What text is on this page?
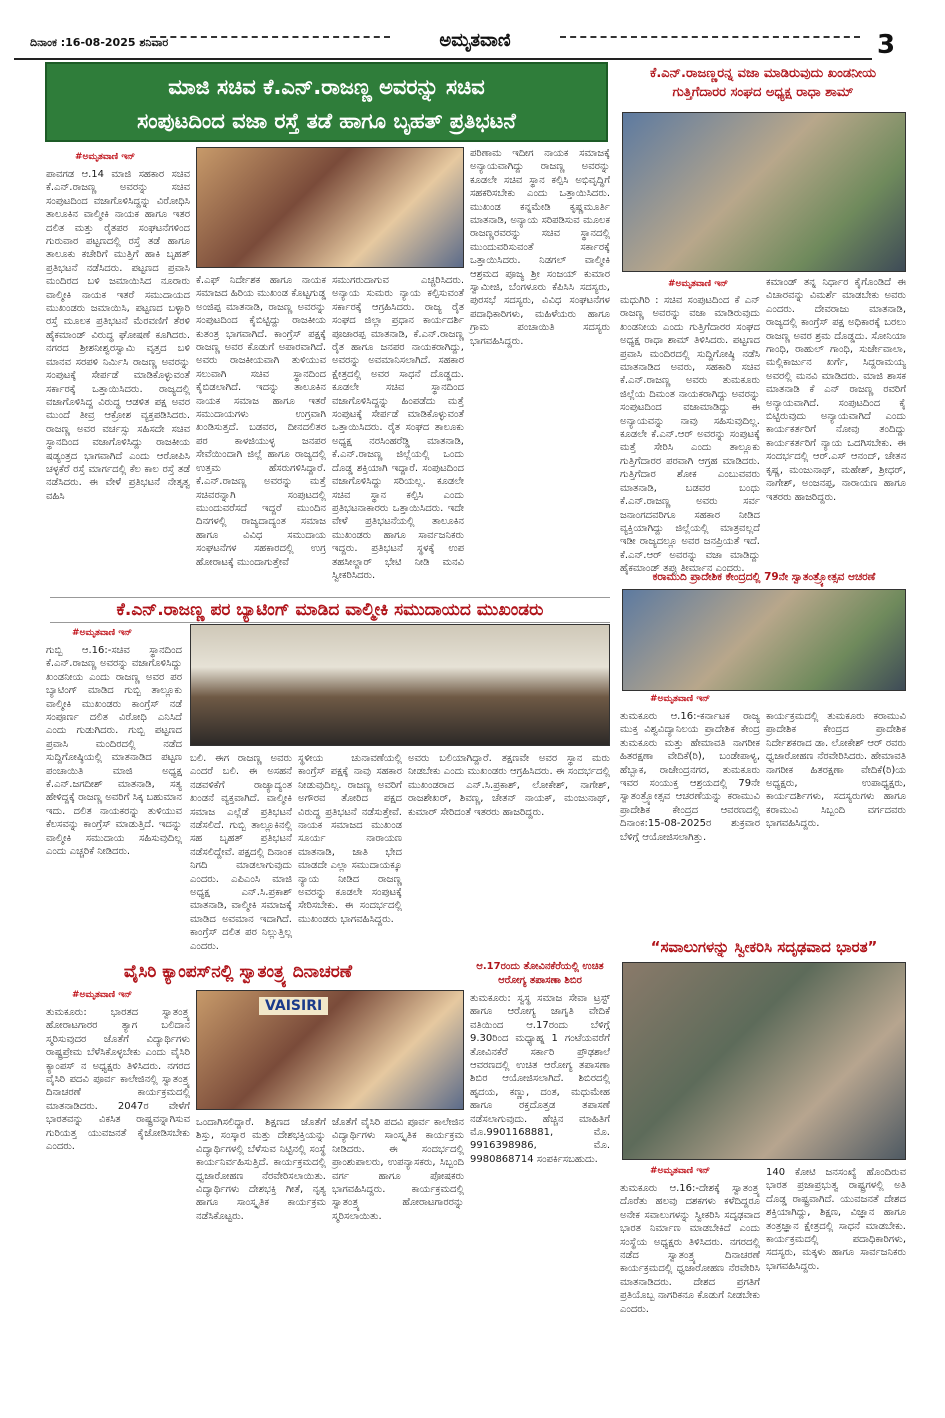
ದಿನಾಂಕ :16-08-2025 ಶನಿವಾರ	ಅಮೃತವಾಣಿ	3
ಮಾಜಿ ಸಚಿವ ಕೆ.ಎನ್.ರಾಜಣ್ಣ ಅವರನ್ನು ಸಚಿವ
ಸಂಪುಟದಿಂದ ವಜಾ ರಸ್ತೆ ತಡೆ ಹಾಗೂ ಬೃಹತ್ ಪ್ರತಿಭಟನೆ
#ಅಮೃತವಾಣಿ ಇನ್
ಪಾವಗಡ ಆ.14 ಮಾಜಿ ಸಹಕಾರ ಸಚಿವ ಕೆ.ಎನ್.ರಾಜಣ್ಣ ಅವರನ್ನು ಸಚಿವ ಸಂಪುಟದಿಂದ ವಜಾಗೊಳಿಸಿದ್ದನ್ನು ವಿರೋಧಿಸಿ ತಾಲೂಕಿನ ವಾಲ್ಮೀಕಿ ನಾಯಕ ಹಾಗೂ ಇತರ ದಲಿತ ಮತ್ತು ರೈತಪರ ಸಂಘಟನೆಗಳಿಂದ ಗುರುವಾರ ಪಟ್ಟಣದಲ್ಲಿ ರಸ್ತೆ ತಡೆ ಹಾಗೂ ತಾಲೂಕು ಕಚೇರಿಗೆ ಮುತ್ತಿಗೆ ಹಾಕಿ ಬೃಹತ್ ಪ್ರತಿಭಟನೆ ನಡೆಸಿದರು. ಪಟ್ಟಣದ ಪ್ರವಾಸಿ ಮಂದಿರದ ಬಳಿ ಜಮಾಯಿಸಿದ ನೂರಾರು ವಾಲ್ಮೀಕಿ ನಾಯಕ ಇತರೆ ಸಮುದಾಯದ ಮುಖಂಡರು ಜಮಾಯಿಸಿ, ಪಟ್ಟಣದ ಬಳ್ಳಾರಿ ರಸ್ತೆ ಮೂಲಕ ಪ್ರತಿಭಟನೆ ಮೆರವಣಿಗೆ ತೆರಳಿ ಹೈಕಮಾಂಡ್ ವಿರುದ್ಧ ಘೋಷಣೆ ಕೂಗಿದರು. ನಗರದ ಶ್ರೀಶನೀಶ್ವರಸ್ವಾಮಿ ವೃತ್ತದ ಬಳಿ ಮಾನವ ಸರಪಳಿ ನಿರ್ಮಿಸಿ ರಾಜಣ್ಣ ಅವರನ್ನು ಸಂಪುಟಕ್ಕೆ ಸೇರ್ಪಡೆ ಮಾಡಿಕೊಳ್ಳುವಂತೆ ಸರ್ಕಾರಕ್ಕೆ ಒತ್ತಾಯಿಸಿದರು. ರಾಜ್ಯದಲ್ಲಿ ವಜಾಗೊಳಿಸಿದ್ದ ವಿರುದ್ಧ ಆಡಳಿತ ಪಕ್ಷ ಅವರ ಮುಂದೆ ತೀವ್ರ ಆಕ್ರೋಶ ವ್ಯಕ್ತಪಡಿಸಿದರು. ರಾಜಣ್ಣ ಅವರ ವರ್ಚಸ್ಸು ಸಹಿಸದೇ ಸಚಿವ ಸ್ಥಾನದಿಂದ ವಜಾಗೊಳಿಸಿದ್ದು ರಾಜಕೀಯ ಷಡ್ಯಂತ್ರದ ಭಾಗವಾಗಿದೆ ಎಂದು ಆರೋಪಿಸಿ ಚಳ್ಳಕೆರೆ ರಸ್ತೆ ಮಾರ್ಗದಲ್ಲಿ ಕೆಲ ಕಾಲ ರಸ್ತೆ ತಡೆ ನಡೆಸಿದರು. ಈ ವೇಳೆ ಪ್ರತಿಭಟನೆ ನೇತೃತ್ವ ವಹಿಸಿ
ಕೆ.ಎಫ್ ನಿರ್ದೇಶಕ ಹಾಗೂ ನಾಯಕ ಸಮಾಜದ ಹಿರಿಯ ಮುಖಂಡ ಕೊಟ್ಟಗುಡ್ಡ ಅಂಜಿಪ್ಪ ಮಾತನಾಡಿ, ರಾಜಣ್ಣ ಅವರನ್ನು ಸಂಪುಟದಿಂದ ಕೈಬಿಟ್ಟಿದ್ದು ರಾಜಕೀಯ ಕುತಂತ್ರ ಭಾಗವಾಗಿದೆ. ಕಾಂಗ್ರೆಸ್ ಪಕ್ಷಕ್ಕೆ ರಾಜಣ್ಣ ಅವರ ಕೊಡುಗೆ ಅಪಾರವಾಗಿದೆ. ಅವರು ರಾಜಕೀಯವಾಗಿ ತುಳಿಯುವ ಸಲುವಾಗಿ ಸಚಿವ ಸ್ಥಾನದಿಂದ ಕೈಬಿಡಲಾಗಿದೆ. ಇದನ್ನು ತಾಲೂಕಿನ ನಾಯಕ ಸಮಾಜ ಹಾಗೂ ಇತರೆ ಸಮುದಾಯಗಳು ಉಗ್ರವಾಗಿ ಖಂಡಿಸುತ್ತದೆ. ಬಡವರ, ದೀನದಲಿತರ ಪರ ಕಾಳಜಿಯುಳ್ಳ ಜನಪರ ಸೇವೆಯಿಂದಾಗಿ ಜಿಲ್ಲೆ ಹಾಗೂ ರಾಜ್ಯದಲ್ಲಿ ಉತ್ತಮ ಹೆಸರುಗಳಿಸಿದ್ದಾರೆ. ಕೆ.ಎನ್.ರಾಜಣ್ಣ ಅವರನ್ನು ಮತ್ತೆ ಸಚಿವರನ್ನಾಗಿ ಸಂಪುಟದಲ್ಲಿ ಮುಂದುವರೆಸದೆ ಇದ್ದರೆ ಮುಂದಿನ ದಿನಗಳಲ್ಲಿ ರಾಜ್ಯದಾದ್ಯಂತ ಸಮಾಜ ಹಾಗೂ ವಿವಿಧ ಸಮುದಾಯ ಸಂಘಟನೆಗಳ ಸಹಕಾರದಲ್ಲಿ ಉಗ್ರ ಹೋರಾಟಕ್ಕೆ ಮುಂದಾಗುತ್ತೇವೆ
ಸಮುಗರುದಾಗುವ ಎಚ್ಚರಿಸಿದರು. ಅನ್ಯಾಯ ಸುಮರು ನ್ಯಾಯ ಕಲ್ಪಿಸುವಂತೆ ಸರ್ಕಾರಕ್ಕೆ ಆಗ್ರಹಿಸಿದರು. ರಾಜ್ಯ ರೈತ ಸಂಘದ ಜಿಲ್ಲಾ ಪ್ರಧಾನ ಕಾರ್ಯದರ್ಶಿ ಪೂಜಾರಪ್ಪ ಮಾತನಾಡಿ, ಕೆ.ಎನ್.ರಾಜಣ್ಣ ರೈತ ಹಾಗೂ ಜನಪರ ನಾಯಕರಾಗಿದ್ದು, ಅವರನ್ನು ಅವಮಾನಿಸಲಾಗಿದೆ. ಸಹಕಾರ ಕ್ಷೇತ್ರದಲ್ಲಿ ಅವರ ಸಾಧನೆ ದೊಡ್ಡದು. ಕೂಡಲೇ ಸಚಿವ ಸ್ಥಾನದಿಂದ ವಜಾಗೊಳಿಸಿದ್ದನ್ನು ಹಿಂಪಡೆದು ಮತ್ತೆ ಸಂಪುಟಕ್ಕೆ ಸೇರ್ಪಡೆ ಮಾಡಿಕೊಳ್ಳುವಂತೆ ಒತ್ತಾಯಿಸಿದರು. ರೈತ ಸಂಘದ ತಾಲೂಕು ಅಧ್ಯಕ್ಷ ನರಸಿಂಹರೆಡ್ಡಿ ಮಾತನಾಡಿ, ಕೆ.ಎನ್.ರಾಜಣ್ಣ ಜಿಲ್ಲೆಯಲ್ಲಿ ಒಂದು ದೊಡ್ಡ ಶಕ್ತಿಯಾಗಿ ಇದ್ದಾರೆ. ಸಂಪುಟದಿಂದ ವಜಾಗೊಳಿಸಿದ್ದು ಸರಿಯಲ್ಲ. ಕೂಡಲೇ ಸಚಿವ ಸ್ಥಾನ ಕಲ್ಪಿಸಿ ಎಂದು ಪ್ರತಿಭಟನಾಕಾರರು ಒತ್ತಾಯಿಸಿದರು. ಇದೇ ವೇಳೆ ಪ್ರತಿಭಟನೆಯಲ್ಲಿ ತಾಲೂಕಿನ ಮುಖಂಡರು ಹಾಗೂ ಸಾರ್ವಜನಿಕರು ಇದ್ದರು. ಪ್ರತಿಭಟನೆ ಸ್ಥಳಕ್ಕೆ ಉಪ ತಹಸೀಲ್ದಾರ್ ಭೇಟಿ ನೀಡಿ ಮನವಿ ಸ್ವೀಕರಿಸಿದರು.
ಪರಿಣಾಮ ಇದೀಗ ನಾಯಕ ಸಮಾಜಕ್ಕೆ ಅನ್ಯಾಯವಾಗಿದ್ದು ರಾಜಣ್ಣ ಅವರನ್ನು ಕೂಡಲೇ ಸಚಿವ ಸ್ಥಾನ ಕಲ್ಪಿಸಿ ಅಭಿವೃದ್ಧಿಗೆ ಸಹಕರಿಸಬೇಕು ಎಂದು ಒತ್ತಾಯಿಸಿದರು. ಮುಖಂಡ ಕನ್ನಮೇಡಿ ಕೃಷ್ಣಮೂರ್ತಿ ಮಾತನಾಡಿ, ಅನ್ಯಾಯ ಸರಿಪಡಿಸುವ ಮೂಲಕ ರಾಜಣ್ಣರವರನ್ನು ಸಚಿವ ಸ್ಥಾನದಲ್ಲಿ ಮುಂದುವರಿಸುವಂತೆ ಸರ್ಕಾರಕ್ಕೆ ಒತ್ತಾಯಿಸಿದರು. ನಿಡಗಲ್ ವಾಲ್ಮೀಕಿ ಆಶ್ರಮದ ಪೂಜ್ಯ ಶ್ರೀ ಸಂಜಯ್ ಕುಮಾರ ಸ್ವಾಮೀಜಿ, ಬೆಂಗಳೂರು ಕೆಪಿಸಿಸಿ ಸದಸ್ಯರು, ಪುರಸಭೆ ಸದಸ್ಯರು, ವಿವಿಧ ಸಂಘಟನೆಗಳ ಪದಾಧಿಕಾರಿಗಳು, ಮಹಿಳೆಯರು ಹಾಗೂ ಗ್ರಾಮ ಪಂಚಾಯಿತಿ ಸದಸ್ಯರು ಭಾಗವಹಿಸಿದ್ದರು.
ಕೆ.ಎನ್.ರಾಜಣ್ಣರನ್ನ ವಜಾ ಮಾಡಿರುವುದು ಖಂಡನೀಯ
ಗುತ್ತಿಗೆದಾರರ ಸಂಘದ ಅಧ್ಯಕ್ಷ ರಾಧಾ ಶಾಮ್
#ಅಮೃತವಾಣಿ ಇನ್
ಮಧುಗಿರಿ : ಸಚಿವ ಸಂಪುಟದಿಂದ ಕೆ ಎನ್ ರಾಜಣ್ಣ ಅವರನ್ನು ವಜಾ ಮಾಡಿರುವುದು ಖಂಡನೀಯ ಎಂದು ಗುತ್ತಿಗೆದಾರರ ಸಂಘದ ಅಧ್ಯಕ್ಷ ರಾಧಾ ಶಾಮ್ ತಿಳಿಸಿದರು. ಪಟ್ಟಣದ ಪ್ರವಾಸಿ ಮಂದಿರದಲ್ಲಿ ಸುದ್ದಿಗೋಷ್ಠಿ ನಡೆಸಿ ಮಾತನಾಡಿದ ಅವರು, ಸಹಕಾರಿ ಸಚಿವ ಕೆ.ಎನ್.ರಾಜಣ್ಣ ಅವರು ತುಮಕೂರು ಜಿಲ್ಲೆಯ ದಿಮಂತ ನಾಯಕರಾಗಿದ್ದು ಅವರನ್ನು ಸಂಪುಟದಿಂದ ವಜಾಮಾಡಿದ್ದು ಈ ಅನ್ಯಾಯವನ್ನು ನಾವು ಸಹಿಸುವುದಿಲ್ಲ. ಕೂಡಲೇ ಕೆ.ಎನ್.ಆರ್ ಅವರನ್ನು ಸಂಪುಟಕ್ಕೆ ಮತ್ತೆ ಸೇರಿಸಿ ಎಂದು ತಾಲ್ಲೂಕು ಗುತ್ತಿಗೆದಾರರ ಪರವಾಗಿ ಆಗ್ರಹ ಮಾಡಿದರು. ಗುತ್ತಿಗೆದಾರ ಶೋಕ ಎಂಬುವವರು ಮಾತನಾಡಿ, ಬಡವರ ಬಂಧು ಕೆ.ಎನ್.ರಾಜಣ್ಣ ಅವರು ಸರ್ವ ಜನಾಂಗದವರಿಗೂ ಸಹಕಾರ ನೀಡಿದ ವ್ಯಕ್ತಿಯಾಗಿದ್ದು ಜಿಲ್ಲೆಯಲ್ಲಿ ಮಾತ್ರವಲ್ಲದೆ ಇಡೀ ರಾಜ್ಯದಲ್ಲೂ ಅವರ ಜನಪ್ರಿಯತೆ ಇದೆ. ಕೆ.ಎನ್.ಆರ್ ಅವರನ್ನು ವಜಾ ಮಾಡಿದ್ದು ಹೈಕಮಾಂಡ್ ತಪ್ಪು ತೀರ್ಮಾನ ಎಂದರು.
ಕಮಾಂಡ್ ತನ್ನ ನಿರ್ಧಾರ ಕೈಗೊಂಡಿದೆ ಈ ವಿಚಾರವನ್ನು ವಿಮರ್ಶೆ ಮಾಡಬೇಕು ಅವರು ಎಂದರು. ದೇವರಾಜು ಮಾತನಾಡಿ, ರಾಜ್ಯದಲ್ಲಿ ಕಾಂಗ್ರೆಸ್ ಪಕ್ಷ ಅಧಿಕಾರಕ್ಕೆ ಬರಲು ರಾಜಣ್ಣ ಅವರ ಶ್ರಮ ದೊಡ್ಡದು. ಸೋನಿಯಾ ಗಾಂಧಿ, ರಾಹುಲ್ ಗಾಂಧಿ, ಸುರ್ಜೇವಾಲಾ, ಮಲ್ಲಿಕಾರ್ಜುನ ಖರ್ಗೆ, ಸಿದ್ದರಾಮಯ್ಯ ಅವರಲ್ಲಿ ಮನವಿ ಮಾಡಿದರು. ಮಾಜಿ ಶಾಸಕ ಮಾತನಾಡಿ ಕೆ ಎನ್ ರಾಜಣ್ಣ ರವರಿಗೆ ಅನ್ಯಾಯವಾಗಿದೆ. ಸಂಪುಟದಿಂದ ಕೈ ಬಿಟ್ಟಿರುವುದು ಅನ್ಯಾಯವಾಗಿದೆ ಎಂದು ಕಾರ್ಯಕರ್ತರಿಗೆ ನೋವು ತಂದಿದ್ದು ಕಾರ್ಯಕರ್ತರಿಗೆ ನ್ಯಾಯ ಒದಗಿಸಬೇಕು. ಈ ಸಂದರ್ಭದಲ್ಲಿ ಆರ್.ಎಸ್ ಆನಂದ್, ಚೇತನ ಕೃಷ್ಣ, ಮಂಜುನಾಥ್, ಮಹೇಶ್, ಶ್ರೀಧರ್, ನಾಗೇಶ್, ಅಂಜನಪ್ಪ, ನಾರಾಯಣ ಹಾಗೂ ಇತರರು ಹಾಜರಿದ್ದರು.
ಕೆ.ಎನ್.ರಾಜಣ್ಣ ಪರ ಬ್ಯಾಟಿಂಗ್ ಮಾಡಿದ ವಾಲ್ಮೀಕಿ ಸಮುದಾಯದ ಮುಖಂಡರು
#ಅಮೃತವಾಣಿ ಇನ್
ಗುಬ್ಬಿ ಆ.16:-ಸಚಿವ ಸ್ಥಾನದಿಂದ ಕೆ.ಎನ್.ರಾಜಣ್ಣ ಅವರನ್ನು ವಜಾಗೊಳಿಸಿದ್ದು ಖಂಡನೀಯ ಎಂದು ರಾಜಣ್ಣ ಅವರ ಪರ ಬ್ಯಾಟಿಂಗ್ ಮಾಡಿದ ಗುಬ್ಬಿ ತಾಲ್ಲೂಕು ವಾಲ್ಮೀಕಿ ಮುಖಂಡರು ಕಾಂಗ್ರೆಸ್ ನಡೆ ಸಂಪೂರ್ಣ ದಲಿತ ವಿರೋಧಿ ಎನಿಸಿದೆ ಎಂದು ಗುಡುಗಿದರು. ಗುಬ್ಬಿ ಪಟ್ಟಣದ ಪ್ರವಾಸಿ ಮಂದಿರದಲ್ಲಿ ನಡೆದ ಸುದ್ದಿಗೋಷ್ಠಿಯಲ್ಲಿ ಮಾತನಾಡಿದ ಪಟ್ಟಣ ಪಂಚಾಯಿತಿ ಮಾಜಿ ಅಧ್ಯಕ್ಷ ಕೆ.ಎನ್.ಜಗದೀಶ್ ಮಾತನಾಡಿ, ಸತ್ಯ ಹೇಳಿದ್ದಕ್ಕೆ ರಾಜಣ್ಣ ಅವರಿಗೆ ಸಿಕ್ಕ ಬಹುಮಾನ ಇದು. ದಲಿತ ನಾಯಕರನ್ನು ತುಳಿಯುವ ಕೆಲಸವನ್ನು ಕಾಂಗ್ರೆಸ್ ಮಾಡುತ್ತಿದೆ. ಇದನ್ನು ವಾಲ್ಮೀಕಿ ಸಮುದಾಯ ಸಹಿಸುವುದಿಲ್ಲ ಎಂದು ಎಚ್ಚರಿಕೆ ನೀಡಿದರು.
ಬಲಿ. ಈಗ ರಾಜಣ್ಣ ಅವರು ಎಂದರೆ ಬಲಿ. ಈ ಅಸಹನೆ ನಡವಳಿಕೆಗೆ ರಾಜ್ಯಾದ್ಯಂತ ಖಂಡನೆ ವ್ಯಕ್ತವಾಗಿದೆ. ವಾಲ್ಮೀಕಿ ಸಮಾಜ ಎಲ್ಲೆಡೆ ಪ್ರತಿಭಟನೆ ನಡೆಸಲಿದೆ. ಗುಬ್ಬಿ ತಾಲ್ಲೂಕಿನಲ್ಲಿ ಸಹ ಬೃಹತ್ ಪ್ರತಿಭಟನೆ ನಡೆಸಲಿದ್ದೇವೆ. ಪಕ್ಷದಲ್ಲಿ ದಿನಾಂಕ ನಿಗದಿ ಮಾಡಲಾಗುವುದು ಎಂದರು. ಎಪಿಎಂಸಿ ಮಾಜಿ ಅಧ್ಯಕ್ಷ ಎನ್.ಸಿ.ಪ್ರಕಾಶ್ ಮಾತನಾಡಿ, ವಾಲ್ಮೀಕಿ ಸಮಾಜಕ್ಕೆ ಮಾಡಿದ ಅವಮಾನ ಇದಾಗಿದೆ. ಕಾಂಗ್ರೆಸ್ ದಲಿತ ಪರ ನಿಲ್ಲುತ್ತಿಲ್ಲ ಎಂದರು.
ಸ್ಥಳೀಯ ಚುನಾವಣೆಯಲ್ಲಿ ಕಾಂಗ್ರೆಸ್ ಪಕ್ಷಕ್ಕೆ ನಾವು ಸಹಕಾರ ನೀಡುವುದಿಲ್ಲ. ರಾಜಣ್ಣ ಅವರಿಗೆ ಅಗೌರವ ತೋರಿದ ಪಕ್ಷದ ವಿರುದ್ಧ ಪ್ರತಿಭಟನೆ ನಡೆಸುತ್ತೇವೆ. ನಾಯಕ ಸಮಾಜದ ಮುಖಂಡ ಸೂರ್ಯ ನಾರಾಯಣ ಮಾತನಾಡಿ, ಜಾತಿ ಭೇದ ಮಾಡದೇ ಎಲ್ಲಾ ಸಮುದಾಯಕ್ಕೂ ನ್ಯಾಯ ನೀಡಿದ ರಾಜಣ್ಣ ಅವರನ್ನು ಕೂಡಲೇ ಸಂಪುಟಕ್ಕೆ ಸೇರಿಸಬೇಕು. ಈ ಸಂದರ್ಭದಲ್ಲಿ ಮುಖಂಡರು ಭಾಗವಹಿಸಿದ್ದರು.
ಅವರು ಬಲಿಯಾಗಿದ್ದಾರೆ. ತಕ್ಷಣವೇ ಅವರ ಸ್ಥಾನ ಮರು ನೀಡಬೇಕು ಎಂದು ಮುಖಂಡರು ಆಗ್ರಹಿಸಿದರು. ಈ ಸಂದರ್ಭದಲ್ಲಿ ಮುಖಂಡರಾದ ಎನ್.ಸಿ.ಪ್ರಕಾಶ್, ಲೋಕೇಶ್, ನಾಗೇಶ್, ರಾಜಶೇಖರ್, ಶಿವಣ್ಣ, ಚೇತನ್ ನಾಯಕ್, ಮಂಜುನಾಥ್, ಕುಮಾರ್ ಸೇರಿದಂತೆ ಇತರರು ಹಾಜರಿದ್ದರು.
ಕರಾಮುದಿ ಪ್ರಾದೇಶಿಕ ಕೇಂದ್ರದಲ್ಲಿ 79ನೇ ಸ್ವಾತಂತ್ರ್ಯೋತ್ಸವ ಆಚರಣೆ
#ಅಮೃತವಾಣಿ ಇನ್
ತುಮಕೂರು ಆ.16:-ಕರ್ನಾಟಕ ರಾಜ್ಯ ಮುಕ್ತ ವಿಶ್ವವಿದ್ಯಾನಿಲಯ ಪ್ರಾದೇಶಿಕ ಕೇಂದ್ರ ತುಮಕೂರು ಮತ್ತು ಹೇಮಾವತಿ ನಾಗರೀಕ ಹಿತರಕ್ಷಣಾ ವೇದಿಕೆ(ರಿ), ಬಂಡೇಪಾಳ್ಯ, ಹೆಬ್ಬಾಕ, ರಾಜೇಂದ್ರನಗರ, ತುಮಕೂರು ಇವರ ಸಂಯುಕ್ತ ಆಶ್ರಯದಲ್ಲಿ 79ನೇ ಸ್ವಾತಂತ್ರ್ಯೋತ್ಸವ ಆಚರಣೆಯನ್ನು ಕರಾಮುವಿ ಪ್ರಾದೇಶಿಕ ಕೇಂದ್ರದ ಆವರಣದಲ್ಲಿ ದಿನಾಂಕ:15-08-2025ರ ಶುಕ್ರವಾರ ಬೆಳಿಗ್ಗೆ ಆಯೋಜಿಸಲಾಗಿತ್ತು.
ಕಾರ್ಯಕ್ರಮದಲ್ಲಿ ತುಮಕೂರು ಕರಾಮುವಿ ಪ್ರಾದೇಶಿಕ ಕೇಂದ್ರದ ಪ್ರಾದೇಶಿಕ ನಿರ್ದೇಶಕರಾದ ಡಾ. ಲೋಕೇಶ್ ಆರ್ ರವರು ಧ್ವಜಾರೋಹಣ ನೆರವೇರಿಸಿದರು. ಹೇಮಾವತಿ ನಾಗರೀಕ ಹಿತರಕ್ಷಣಾ ವೇದಿಕೆ(ರಿ)ಯ ಅಧ್ಯಕ್ಷರು, ಉಪಾಧ್ಯಕ್ಷರು, ಕಾರ್ಯದರ್ಶಿಗಳು, ಸದಸ್ಯರುಗಳು ಹಾಗೂ ಕರಾಮುವಿ ಸಿಬ್ಬಂದಿ ವರ್ಗದವರು ಭಾಗವಹಿಸಿದ್ದರು.
ವೈಸಿರಿ ಕ್ಯಾಂಪಸ್‌ನಲ್ಲಿ ಸ್ವಾತಂತ್ರ್ಯ ದಿನಾಚರಣೆ
#ಅಮೃತವಾಣಿ ಇನ್
ತುಮಕೂರು: ಭಾರತದ ಸ್ವಾತಂತ್ರ್ಯ ಹೋರಾಟಗಾರರ ತ್ಯಾಗ ಬಲಿದಾನ ಸ್ಮರಿಸುವುದರ ಜೊತೆಗೆ ವಿದ್ಯಾರ್ಥಿಗಳು ರಾಷ್ಟ್ರಪ್ರೇಮ ಬೆಳೆಸಿಕೊಳ್ಳಬೇಕು ಎಂದು ವೈಸಿರಿ ಕ್ಯಾಂಪಸ್ ನ ಅಧ್ಯಕ್ಷರು ತಿಳಿಸಿದರು. ನಗರದ ವೈಸಿರಿ ಪದವಿ ಪೂರ್ವ ಕಾಲೇಜಿನಲ್ಲಿ ಸ್ವಾತಂತ್ರ್ಯ ದಿನಾಚರಣೆ ಕಾರ್ಯಕ್ರಮದಲ್ಲಿ ಮಾತನಾಡಿದರು. 2047ರ ವೇಳೆಗೆ ಭಾರತವನ್ನು ವಿಕಸಿತ ರಾಷ್ಟ್ರವನ್ನಾಗಿಸುವ ಗುರಿಯತ್ತ ಯುವಜನತೆ ಕೈಜೋಡಿಸಬೇಕು ಎಂದರು.
VAISIRI
ಒಂದಾಗಿಸಲಿದ್ದಾರೆ. ಶಿಕ್ಷಣದ ಜೊತೆಗೆ ಶಿಸ್ತು, ಸಂಸ್ಕಾರ ಮತ್ತು ದೇಶಭಕ್ತಿಯನ್ನು ವಿದ್ಯಾರ್ಥಿಗಳಲ್ಲಿ ಬೆಳೆಸುವ ನಿಟ್ಟಿನಲ್ಲಿ ಸಂಸ್ಥೆ ಕಾರ್ಯನಿರ್ವಹಿಸುತ್ತಿದೆ. ಕಾರ್ಯಕ್ರಮದಲ್ಲಿ ಧ್ವಜಾರೋಹಣ ನೆರವೇರಿಸಲಾಯಿತು. ವಿದ್ಯಾರ್ಥಿಗಳು ದೇಶಭಕ್ತಿ ಗೀತೆ, ನೃತ್ಯ ಹಾಗೂ ಸಾಂಸ್ಕೃತಿಕ ಕಾರ್ಯಕ್ರಮ ನಡೆಸಿಕೊಟ್ಟರು.
ಜೊತೆಗೆ ವೈಸಿರಿ ಪದವಿ ಪೂರ್ವ ಕಾಲೇಜಿನ ವಿದ್ಯಾರ್ಥಿಗಳು ಸಾಂಸ್ಕೃತಿಕ ಕಾರ್ಯಕ್ರಮ ನೀಡಿದರು. ಈ ಸಂದರ್ಭದಲ್ಲಿ ಪ್ರಾಂಶುಪಾಲರು, ಉಪನ್ಯಾಸಕರು, ಸಿಬ್ಬಂದಿ ವರ್ಗ ಹಾಗೂ ಪೋಷಕರು ಭಾಗವಹಿಸಿದ್ದರು. ಕಾರ್ಯಕ್ರಮದಲ್ಲಿ ಸ್ವಾತಂತ್ರ್ಯ ಹೋರಾಟಗಾರರನ್ನು ಸ್ಮರಿಸಲಾಯಿತು.
ಆ.17ರಂದು ತೋವಿನಕೆರೆಯಲ್ಲಿ ಉಚಿತ ಆರೋಗ್ಯ ತಪಾಸಣಾ ಶಿಬಿರ
ತುಮಕೂರು: ಸ್ವಸ್ಥ ಸಮಾಜ ಸೇವಾ ಟ್ರಸ್ಟ್ ಹಾಗೂ ಆರೋಗ್ಯ ಜಾಗೃತಿ ವೇದಿಕೆ ವತಿಯಿಂದ ಆ.17ರಂದು ಬೆಳಿಗ್ಗೆ 9.30ರಿಂದ ಮಧ್ಯಾಹ್ನ 1 ಗಂಟೆಯವರೆಗೆ ತೋವಿನಕೆರೆ ಸರ್ಕಾರಿ ಪ್ರೌಢಶಾಲೆ ಆವರಣದಲ್ಲಿ ಉಚಿತ ಆರೋಗ್ಯ ತಪಾಸಣಾ ಶಿಬಿರ ಆಯೋಜಿಸಲಾಗಿದೆ. ಶಿಬಿರದಲ್ಲಿ ಹೃದಯ, ಕಣ್ಣು, ದಂತ, ಮಧುಮೇಹ ಹಾಗೂ ರಕ್ತದೊತ್ತಡ ತಪಾಸಣೆ ನಡೆಸಲಾಗುವುದು. ಹೆಚ್ಚಿನ ಮಾಹಿತಿಗೆ ಮೊ.9901168881, ಮೊ. 9916398986, ಮೊ. 9980868714 ಸಂಪರ್ಕಿಸಬಹುದು.
“ಸವಾಲುಗಳನ್ನು ಸ್ವೀಕರಿಸಿ ಸದೃಢವಾದ ಭಾರತ”
#ಅಮೃತವಾಣಿ ಇನ್
ತುಮಕೂರು ಆ.16:-ದೇಶಕ್ಕೆ ಸ್ವಾತಂತ್ರ್ಯ ದೊರೆತು ಹಲವು ದಶಕಗಳು ಕಳೆದಿದ್ದರೂ ಅನೇಕ ಸವಾಲುಗಳನ್ನು ಸ್ವೀಕರಿಸಿ ಸದೃಢವಾದ ಭಾರತ ನಿರ್ಮಾಣ ಮಾಡಬೇಕಿದೆ ಎಂದು ಸಂಸ್ಥೆಯ ಅಧ್ಯಕ್ಷರು ತಿಳಿಸಿದರು. ನಗರದಲ್ಲಿ ನಡೆದ ಸ್ವಾತಂತ್ರ್ಯ ದಿನಾಚರಣೆ ಕಾರ್ಯಕ್ರಮದಲ್ಲಿ ಧ್ವಜಾರೋಹಣ ನೆರವೇರಿಸಿ ಮಾತನಾಡಿದರು. ದೇಶದ ಪ್ರಗತಿಗೆ ಪ್ರತಿಯೊಬ್ಬ ನಾಗರಿಕನೂ ಕೊಡುಗೆ ನೀಡಬೇಕು ಎಂದರು.
140 ಕೋಟಿ ಜನಸಂಖ್ಯೆ ಹೊಂದಿರುವ ಭಾರತ ಪ್ರಜಾಪ್ರಭುತ್ವ ರಾಷ್ಟ್ರಗಳಲ್ಲಿ ಅತಿ ದೊಡ್ಡ ರಾಷ್ಟ್ರವಾಗಿದೆ. ಯುವಜನತೆ ದೇಶದ ಶಕ್ತಿಯಾಗಿದ್ದು, ಶಿಕ್ಷಣ, ವಿಜ್ಞಾನ ಹಾಗೂ ತಂತ್ರಜ್ಞಾನ ಕ್ಷೇತ್ರದಲ್ಲಿ ಸಾಧನೆ ಮಾಡಬೇಕು. ಕಾರ್ಯಕ್ರಮದಲ್ಲಿ ಪದಾಧಿಕಾರಿಗಳು, ಸದಸ್ಯರು, ಮಕ್ಕಳು ಹಾಗೂ ಸಾರ್ವಜನಿಕರು ಭಾಗವಹಿಸಿದ್ದರು.
